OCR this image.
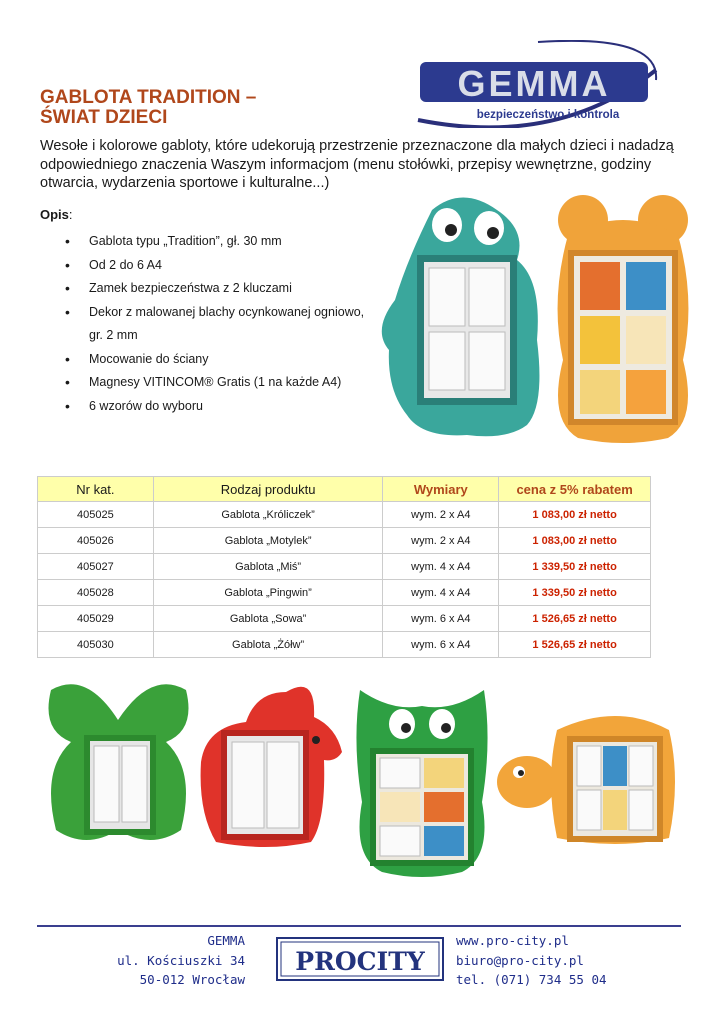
GABLOTA TRADITION –
ŚWIAT DZIECI
GEMMA
bezpieczeństwo i kontrola
Wesołe i kolorowe gabloty, które udekorują przestrzenie przeznaczone dla małych dzieci i nadadzą odpowiedniego znaczenia Waszym informacjom (menu stołówki, przepisy wewnętrzne, godziny otwarcia, wydarzenia sportowe i kulturalne...)
Opis:
• Gablota typu „Tradition”, gł. 30 mm
• Od 2 do 6 A4
• Zamek bezpieczeństwa z 2 kluczami
• Dekor z malowanej blachy ocynkowanej ogniowo, gr. 2 mm
• Mocowanie do ściany
• Magnesy VITINCOM® Gratis (1 na każde A4)
• 6 wzorów do wyboru
Nr kat.	Rodzaj produktu	Wymiary	cena z 5% rabatem
405025	Gablota „Króliczek”	wym. 2 x A4	1 083,00 zł netto
405026	Gablota „Motylek”	wym. 2 x A4	1 083,00 zł netto
405027	Gablota „Miś”	wym. 4 x A4	1 339,50 zł netto
405028	Gablota „Pingwin”	wym. 4 x A4	1 339,50 zł netto
405029	Gablota „Sowa”	wym. 6 x A4	1 526,65 zł netto
405030	Gablota „Żółw”	wym. 6 x A4	1 526,65 zł netto
GEMMA
ul. Kościuszki 34
50-012 Wrocław
PROCITY
www.pro-city.pl
biuro@pro-city.pl
tel. (071) 734 55 04
